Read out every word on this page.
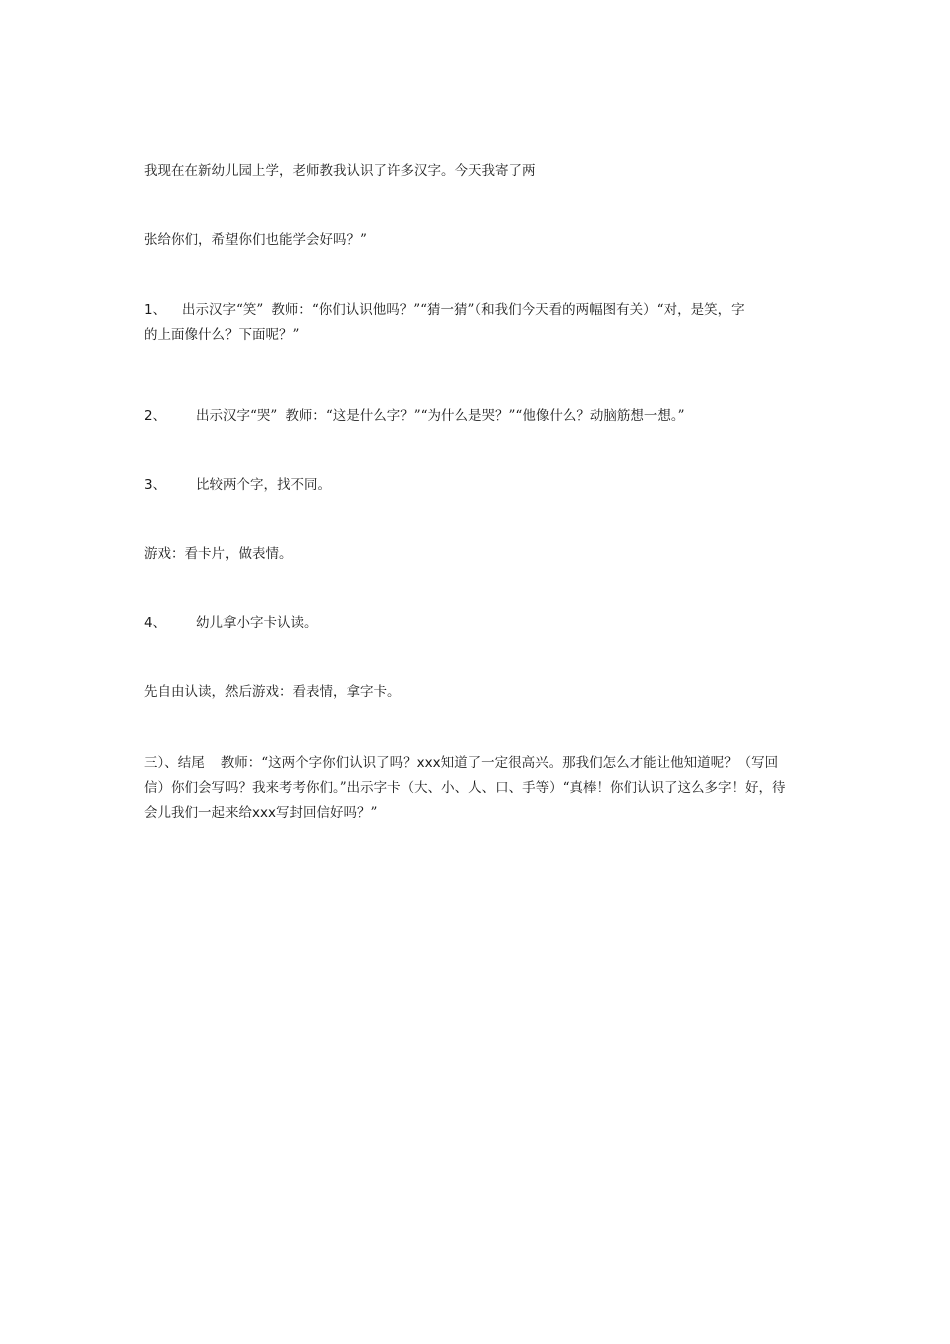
我现在在新幼儿园上学，老师教我认识了许多汉字。今天我寄了两

张给你们，希望你们也能学会好吗？”

1、 出示汉字“笑” 教师：“你们认识他吗？”“猜一猜”（和我们今天看的两幅图有关）“对，是笑，字
的上面像什么？下面呢？”

2、 出示汉字“哭” 教师：“这是什么字？”“为什么是哭？”“他像什么？动脑筋想一想。”

3、 比较两个字，找不同。

游戏：看卡片，做表情。

4、 幼儿拿小字卡认读。

先自由认读，然后游戏：看表情，拿字卡。

三）、结尾 教师：“这两个字你们认识了吗？xxx知道了一定很高兴。那我们怎么才能让他知道呢？（写回
信）你们会写吗？我来考考你们。”出示字卡（大、小、人、口、手等）“真棒！你们认识了这么多字！好，待
会儿我们一起来给xxx写封回信好吗？”
